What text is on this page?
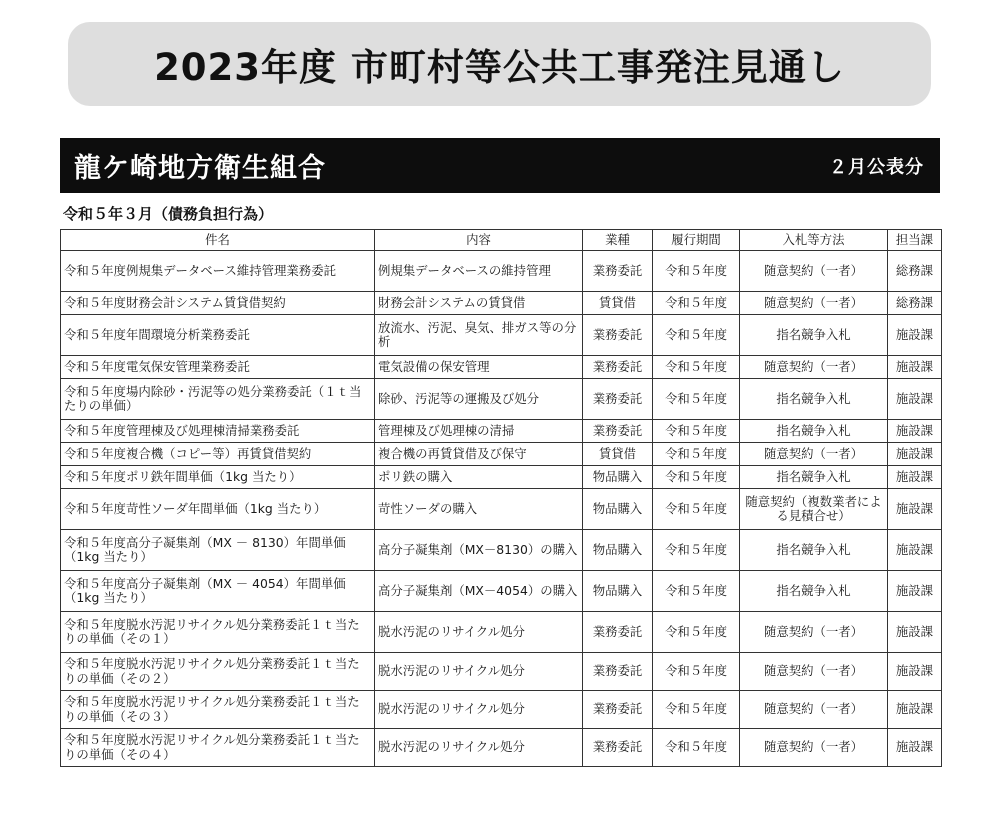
2023年度 市町村等公共工事発注見通し
龍ケ崎地方衛生組合	２月公表分
令和５年３月（債務負担行為）
件名	内容	業種	履行期間	入札等方法	担当課
令和５年度例規集データベース維持管理業務委託	例規集データベースの維持管理	業務委託	令和５年度	随意契約（一者）	総務課
令和５年度財務会計システム賃貸借契約	財務会計システムの賃貸借	賃貸借	令和５年度	随意契約（一者）	総務課
令和５年度年間環境分析業務委託	放流水、汚泥、臭気、排ガス等の分析	業務委託	令和５年度	指名競争入札	施設課
令和５年度電気保安管理業務委託	電気設備の保安管理	業務委託	令和５年度	随意契約（一者）	施設課
令和５年度場内除砂・汚泥等の処分業務委託（１ｔ当たりの単価）	除砂、汚泥等の運搬及び処分	業務委託	令和５年度	指名競争入札	施設課
令和５年度管理棟及び処理棟清掃業務委託	管理棟及び処理棟の清掃	業務委託	令和５年度	指名競争入札	施設課
令和５年度複合機（コピー等）再賃貸借契約	複合機の再賃貸借及び保守	賃貸借	令和５年度	随意契約（一者）	施設課
令和５年度ポリ鉄年間単価（1kg 当たり）	ポリ鉄の購入	物品購入	令和５年度	指名競争入札	施設課
令和５年度苛性ソーダ年間単価（1kg 当たり）	苛性ソーダの購入	物品購入	令和５年度	随意契約（複数業者による見積合せ）	施設課
令和５年度高分子凝集剤（MX － 8130）年間単価（1kg 当たり）	高分子凝集剤（MX－8130）の購入	物品購入	令和５年度	指名競争入札	施設課
令和５年度高分子凝集剤（MX － 4054）年間単価（1kg 当たり）	高分子凝集剤（MX－4054）の購入	物品購入	令和５年度	指名競争入札	施設課
令和５年度脱水汚泥リサイクル処分業務委託１ｔ当たりの単価（その１）	脱水汚泥のリサイクル処分	業務委託	令和５年度	随意契約（一者）	施設課
令和５年度脱水汚泥リサイクル処分業務委託１ｔ当たりの単価（その２）	脱水汚泥のリサイクル処分	業務委託	令和５年度	随意契約（一者）	施設課
令和５年度脱水汚泥リサイクル処分業務委託１ｔ当たりの単価（その３）	脱水汚泥のリサイクル処分	業務委託	令和５年度	随意契約（一者）	施設課
令和５年度脱水汚泥リサイクル処分業務委託１ｔ当たりの単価（その４）	脱水汚泥のリサイクル処分	業務委託	令和５年度	随意契約（一者）	施設課
